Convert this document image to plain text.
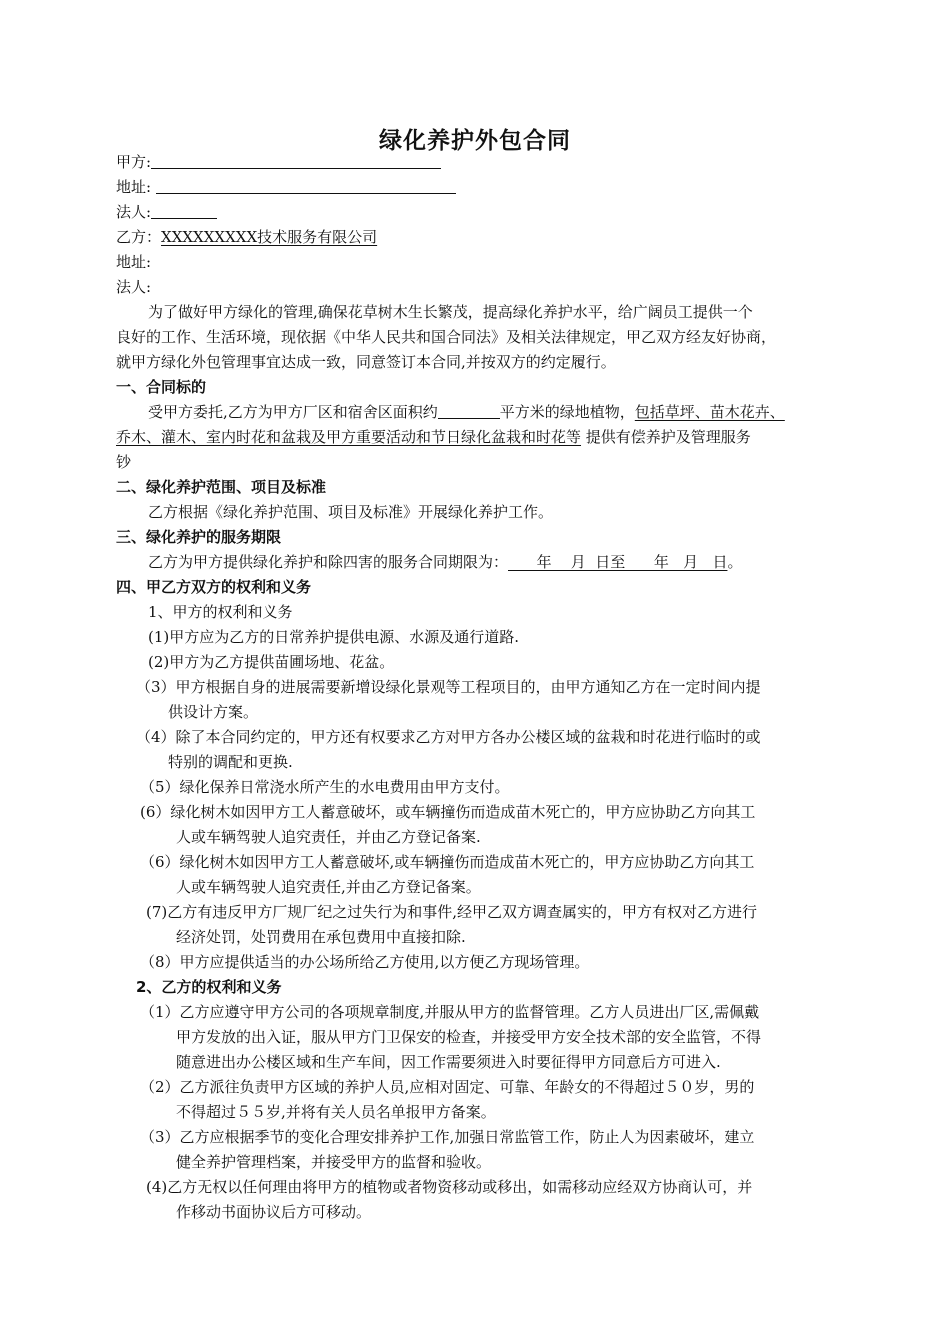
绿化养护外包合同
甲方:
地址:
法人:
乙方：XXXXXXXXX技术服务有限公司
地址:
法人:
为了做好甲方绿化的管理,确保花草树木生长繁茂，提高绿化养护水平，给广阔员工提供一个
良好的工作、生活环境，现依据《中华人民共和国合同法》及相关法律规定，甲乙双方经友好协商，
就甲方绿化外包管理事宜达成一致，同意签订本合同,并按双方的约定履行。
一、合同标的
受甲方委托,乙方为甲方厂区和宿舍区面积约	平方米的绿地植物，包括草坪、苗木花卉、
乔木、灌木、室内时花和盆栽及甲方重要活动和节日绿化盆栽和时花等 提供有偿养护及管理服务
钞
二、绿化养护范围、项目及标准
乙方根据《绿化养护范围、项目及标准》开展绿化养护工作。
三、绿化养护的服务期限
乙方为甲方提供绿化养护和除四害的服务合同期限为：      年    月  日至      年   月   日。
四、甲乙方双方的权利和义务
1、甲方的权利和义务
(1)甲方应为乙方的日常养护提供电源、水源及通行道路.
(2)甲方为乙方提供苗圃场地、花盆。
（3）甲方根据自身的进展需要新增设绿化景观等工程项目的，由甲方通知乙方在一定时间内提
供设计方案。
（4）除了本合同约定的，甲方还有权要求乙方对甲方各办公楼区域的盆栽和时花进行临时的或
特别的调配和更换.
（5）绿化保养日常浇水所产生的水电费用由甲方支付。
(6）绿化树木如因甲方工人蓄意破坏，或车辆撞伤而造成苗木死亡的，甲方应协助乙方向其工
人或车辆驾驶人追究责任，并由乙方登记备案.
（6）绿化树木如因甲方工人蓄意破坏,或车辆撞伤而造成苗木死亡的，甲方应协助乙方向其工
人或车辆驾驶人追究责任,并由乙方登记备案。
(7)乙方有违反甲方厂规厂纪之过失行为和事件,经甲乙双方调查属实的，甲方有权对乙方进行
经济处罚，处罚费用在承包费用中直接扣除.
（8）甲方应提供适当的办公场所给乙方使用,以方便乙方现场管理。
2、乙方的权利和义务
（1）乙方应遵守甲方公司的各项规章制度,并服从甲方的监督管理。乙方人员进出厂区,需佩戴
甲方发放的出入证，服从甲方门卫保安的检查，并接受甲方安全技术部的安全监管，不得
随意进出办公楼区域和生产车间，因工作需要须进入时要征得甲方同意后方可进入.
（2）乙方派往负责甲方区域的养护人员,应相对固定、可靠、年龄女的不得超过５０岁，男的
不得超过５５岁,并将有关人员名单报甲方备案。
（3）乙方应根据季节的变化合理安排养护工作,加强日常监管工作，防止人为因素破坏，建立
健全养护管理档案，并接受甲方的监督和验收。
(4)乙方无权以任何理由将甲方的植物或者物资移动或移出，如需移动应经双方协商认可，并
作移动书面协议后方可移动。
